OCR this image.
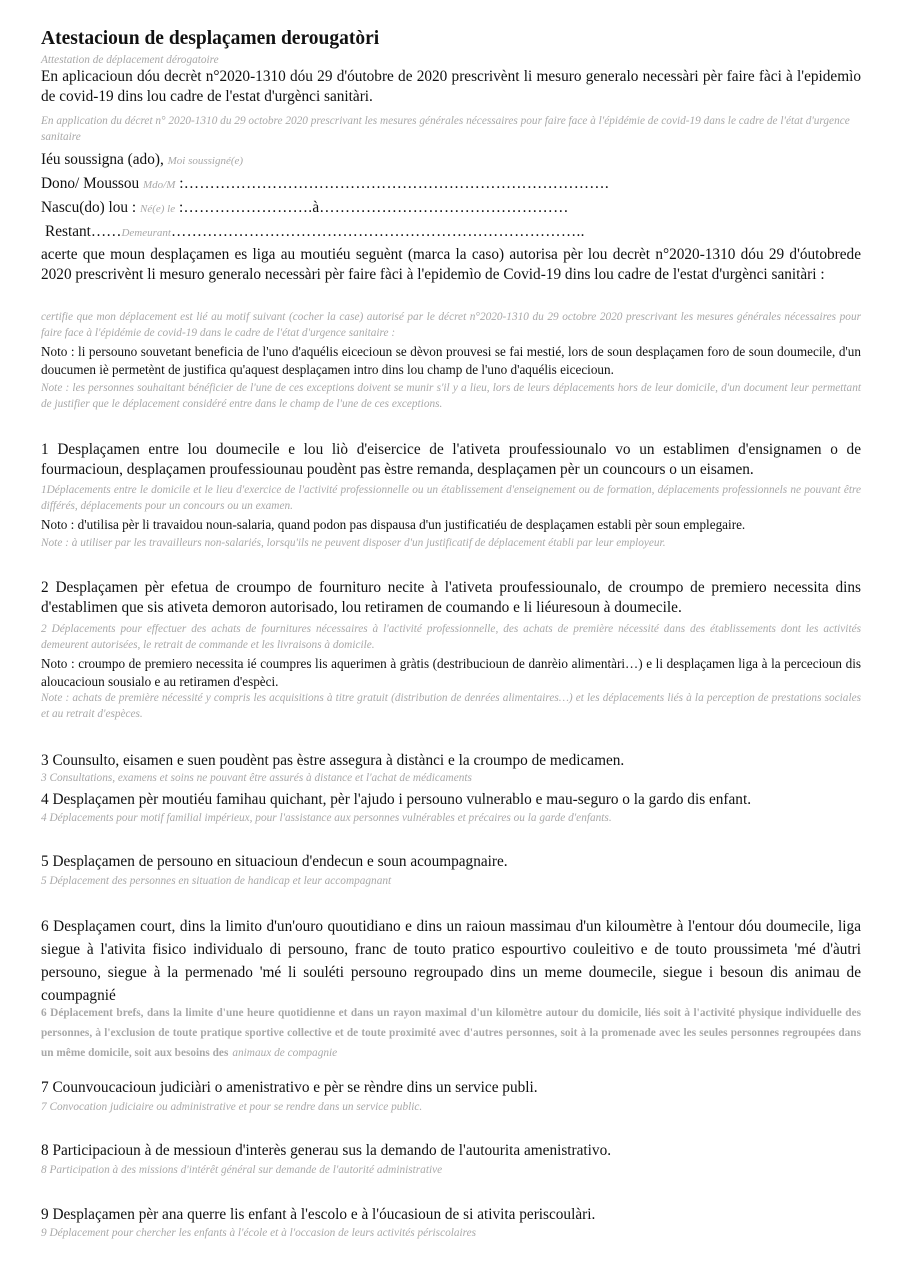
Atestacioun de desplaçamen derougatòri
Attestation de déplacement dérogatoire

En aplicacioun dóu decrèt n°2020-1310 dóu 29 d'óutobre de 2020 prescrivènt li mesuro generalo necessàri pèr faire fàci à l'epidemìo de covid-19 dins lou cadre de l'estat d'urgènci sanitàri.

En application du décret n° 2020-1310 du 29 octobre 2020 prescrivant les mesures générales nécessaires pour faire face à l'épidémie de covid-19 dans le cadre de l'état d'urgence sanitaire

Iéu soussigna (ado), Moi soussigné(e)
Dono/ Moussou Mdo/M :……………………………………………………………………….
Nascu(do) lou : Né(e) le :…………………….à…………………………………………
Restant……Demeurant……………………………………………………………………..

acerte que moun desplaçamen es liga au moutiéu seguènt (marca la caso) autorisa pèr lou decrèt n°2020-1310 dóu 29 d'óutobrede 2020 prescrivènt li mesuro generalo necessàri pèr faire fàci à l'epidemìo de Covid-19 dins lou cadre de l'estat d'urgènci sanitàri :

certifie que mon déplacement est lié au motif suivant (cocher la case) autorisé par le décret n°2020-1310 du 29 octobre 2020 prescrivant les mesures générales nécessaires pour faire face à l'épidémie de covid-19 dans le cadre de l'état d'urgence sanitaire :

Noto : li persouno souvetant beneficia de l'uno d'aquélis eicecioun se dèvon prouvesi se fai mestié, lors de soun desplaçamen foro de soun doumecile, d'un doucumen iè permetènt de justifica qu'aquest desplaçamen intro dins lou champ de l'uno d'aquélis eicecioun.

Note : les personnes souhaitant bénéficier de l'une de ces exceptions doivent se munir s'il y a lieu, lors de leurs déplacements hors de leur domicile, d'un document leur permettant de justifier que le déplacement considéré entre dans le champ de l'une de ces exceptions.

1 Desplaçamen entre lou doumecile e lou liò d'eisercice de l'ativeta proufessiounalo vo un establimen d'ensignamen o de fourmacioun, desplaçamen proufessiounau poudènt pas èstre remanda, desplaçamen pèr un councours o un eisamen.

1Déplacements entre le domicile et le lieu d'exercice de l'activité professionnelle ou un établissement d'enseignement ou de formation, déplacements professionnels ne pouvant être différés, déplacements pour un concours ou un examen.

Noto : d'utilisa pèr li travaidou noun-salaria, quand podon pas dispausa d'un justificatiéu de desplaçamen establi pèr soun emplegaire.

Note : à utiliser par les travailleurs non-salariés, lorsqu'ils ne peuvent disposer d'un justificatif de déplacement établi par leur employeur.

2 Desplaçamen pèr efetua de croumpo de fournituro necite à l'ativeta proufessiounalo, de croumpo de premiero necessita dins d'establimen que sis ativeta demoron autorisado, lou retiramen de coumando e li liéuresoun à doumecile.

2 Déplacements pour effectuer des achats de fournitures nécessaires à l'activité professionnelle, des achats de première nécessité dans des établissements dont les activités demeurent autorisées, le retrait de commande et les livraisons à domicile.

Noto : croumpo de premiero necessita ié coumpres lis aquerimen à gràtis (destribucioun de danrèio alimentàri…) e li desplaçamen liga à la percecioun dis aloucacioun sousialo e au retiramen d'espèci.

Note : achats de première nécessité y compris les acquisitions à titre gratuit (distribution de denrées alimentaires…) et les déplacements liés à la perception de prestations sociales et au retrait d'espèces.

3 Counsulto, eisamen e suen poudènt pas èstre assegura à distànci e la croumpo de medicamen.

3 Consultations, examens et soins ne pouvant être assurés à distance et l'achat de médicaments

4 Desplaçamen pèr moutiéu famihau quichant, pèr l'ajudo i persouno vulnerablo e mau-seguro o la gardo dis enfant.

4 Déplacements pour motif familial impérieux, pour l'assistance aux personnes vulnérables et précaires ou la garde d'enfants.

5 Desplaçamen de persouno en situacioun d'endecun e soun acoumpagnaire.

5 Déplacement des personnes en situation de handicap et leur accompagnant

6 Desplaçamen court, dins la limito d'un'ouro quoutidiano e dins un raioun massimau d'un kiloumètre à l'entour dóu doumecile, liga siegue à l'ativita fisico individualo di persouno, franc de touto pratico espourtivo couleitivo e de touto proussimeta 'mé d'àutri persouno, siegue à la permenado 'mé li souléti persouno regroupado dins un meme doumecile, siegue i besoun dis animau de coumpagnié

6 Déplacement brefs, dans la limite d'une heure quotidienne et dans un rayon maximal d'un kilomètre autour du domicile, liés soit à l'activité physique individuelle des personnes, à l'exclusion de toute pratique sportive collective et de toute proximité avec d'autres personnes, soit à la promenade avec les seules personnes regroupées dans un même domicile, soit aux besoins des animaux de compagnie

7 Counvoucacioun judiciàri o amenistrativo e pèr se rèndre dins un service publi.

7 Convocation judiciaire ou administrative et pour se rendre dans un service public.

8 Participacioun à de messioun d'interès generau sus la demando de l'autourita amenistrativo.

8 Participation à des missions d'intérêt général sur demande de l'autorité administrative

9 Desplaçamen pèr ana querre lis enfant à l'escolo e à l'óucasioun de si ativita periscoulàri.

9 Déplacement pour chercher les enfants à l'école et à l'occasion de leurs activités périscolaires
